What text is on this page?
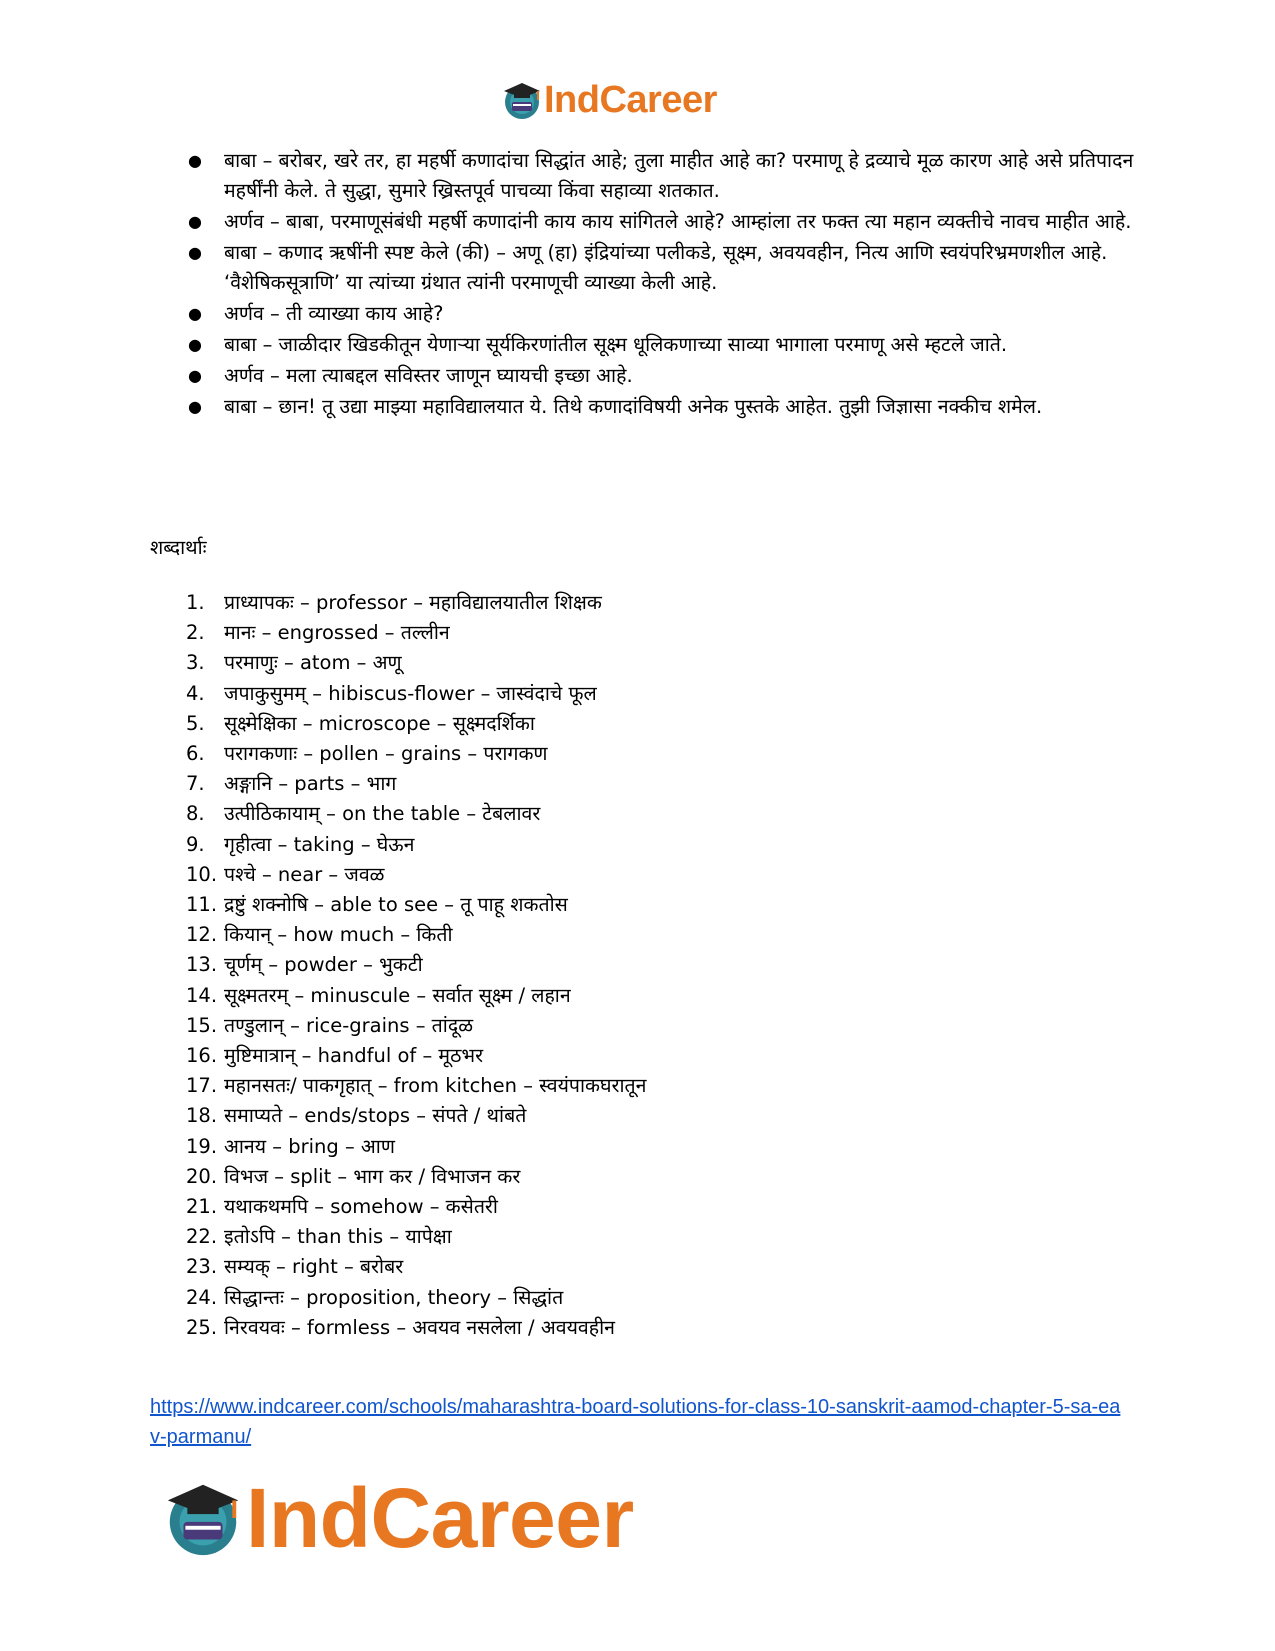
IndCareer
● बाबा – बरोबर, खरे तर, हा महर्षी कणादांचा सिद्धांत आहे; तुला माहीत आहे का? परमाणू हे द्रव्याचे मूळ कारण आहे असे प्रतिपादन महर्षींनी केले. ते सुद्धा, सुमारे ख्रिस्तपूर्व पाचव्या किंवा सहाव्या शतकात.
● अर्णव – बाबा, परमाणूसंबंधी महर्षी कणादांनी काय काय सांगितले आहे? आम्हांला तर फक्त त्या महान व्यक्तीचे नावच माहीत आहे.
● बाबा – कणाद ऋषींनी स्पष्ट केले (की) – अणू (हा) इंद्रियांच्या पलीकडे, सूक्ष्म, अवयवहीन, नित्य आणि स्वयंपरिभ्रमणशील आहे. ‘वैशेषिकसूत्राणि’ या त्यांच्या ग्रंथात त्यांनी परमाणूची व्याख्या केली आहे.
● अर्णव – ती व्याख्या काय आहे?
● बाबा – जाळीदार खिडकीतून येणाऱ्या सूर्यकिरणांतील सूक्ष्म धूलिकणाच्या साव्या भागाला परमाणू असे म्हटले जाते.
● अर्णव – मला त्याबद्दल सविस्तर जाणून घ्यायची इच्छा आहे.
● बाबा – छान! तू उद्या माझ्या महाविद्यालयात ये. तिथे कणादांविषयी अनेक पुस्तके आहेत. तुझी जिज्ञासा नक्कीच शमेल.
शब्दार्थाः
1. प्राध्यापकः – professor – महाविद्यालयातील शिक्षक
2. मानः – engrossed – तल्लीन
3. परमाणुः – atom – अणू
4. जपाकुसुमम् – hibiscus-flower – जास्वंदाचे फूल
5. सूक्ष्मेक्षिका – microscope – सूक्ष्मदर्शिका
6. परागकणाः – pollen – grains – परागकण
7. अङ्गानि – parts – भाग
8. उत्पीठिकायाम् – on the table – टेबलावर
9. गृहीत्वा – taking – घेऊन
10. पश्चे – near – जवळ
11. द्रष्टुं शक्नोषि – able to see – तू पाहू शकतोस
12. कियान् – how much – किती
13. चूर्णम् – powder – भुकटी
14. सूक्ष्मतरम् – minuscule – सर्वात सूक्ष्म / लहान
15. तण्डुलान् – rice-grains – तांदूळ
16. मुष्टिमात्रान् – handful of – मूठभर
17. महानसतः/ पाकगृहात् – from kitchen – स्वयंपाकघरातून
18. समाप्यते – ends/stops – संपते / थांबते
19. आनय – bring – आण
20. विभज – split – भाग कर / विभाजन कर
21. यथाकथमपि – somehow – कसेतरी
22. इतोऽपि – than this – यापेक्षा
23. सम्यक् – right – बरोबर
24. सिद्धान्तः – proposition, theory – सिद्धांत
25. निरवयवः – formless – अवयव नसलेला / अवयवहीन
https://www.indcareer.com/schools/maharashtra-board-solutions-for-class-10-sanskrit-aamod-chapter-5-sa-eav-parmanu/
IndCareer
